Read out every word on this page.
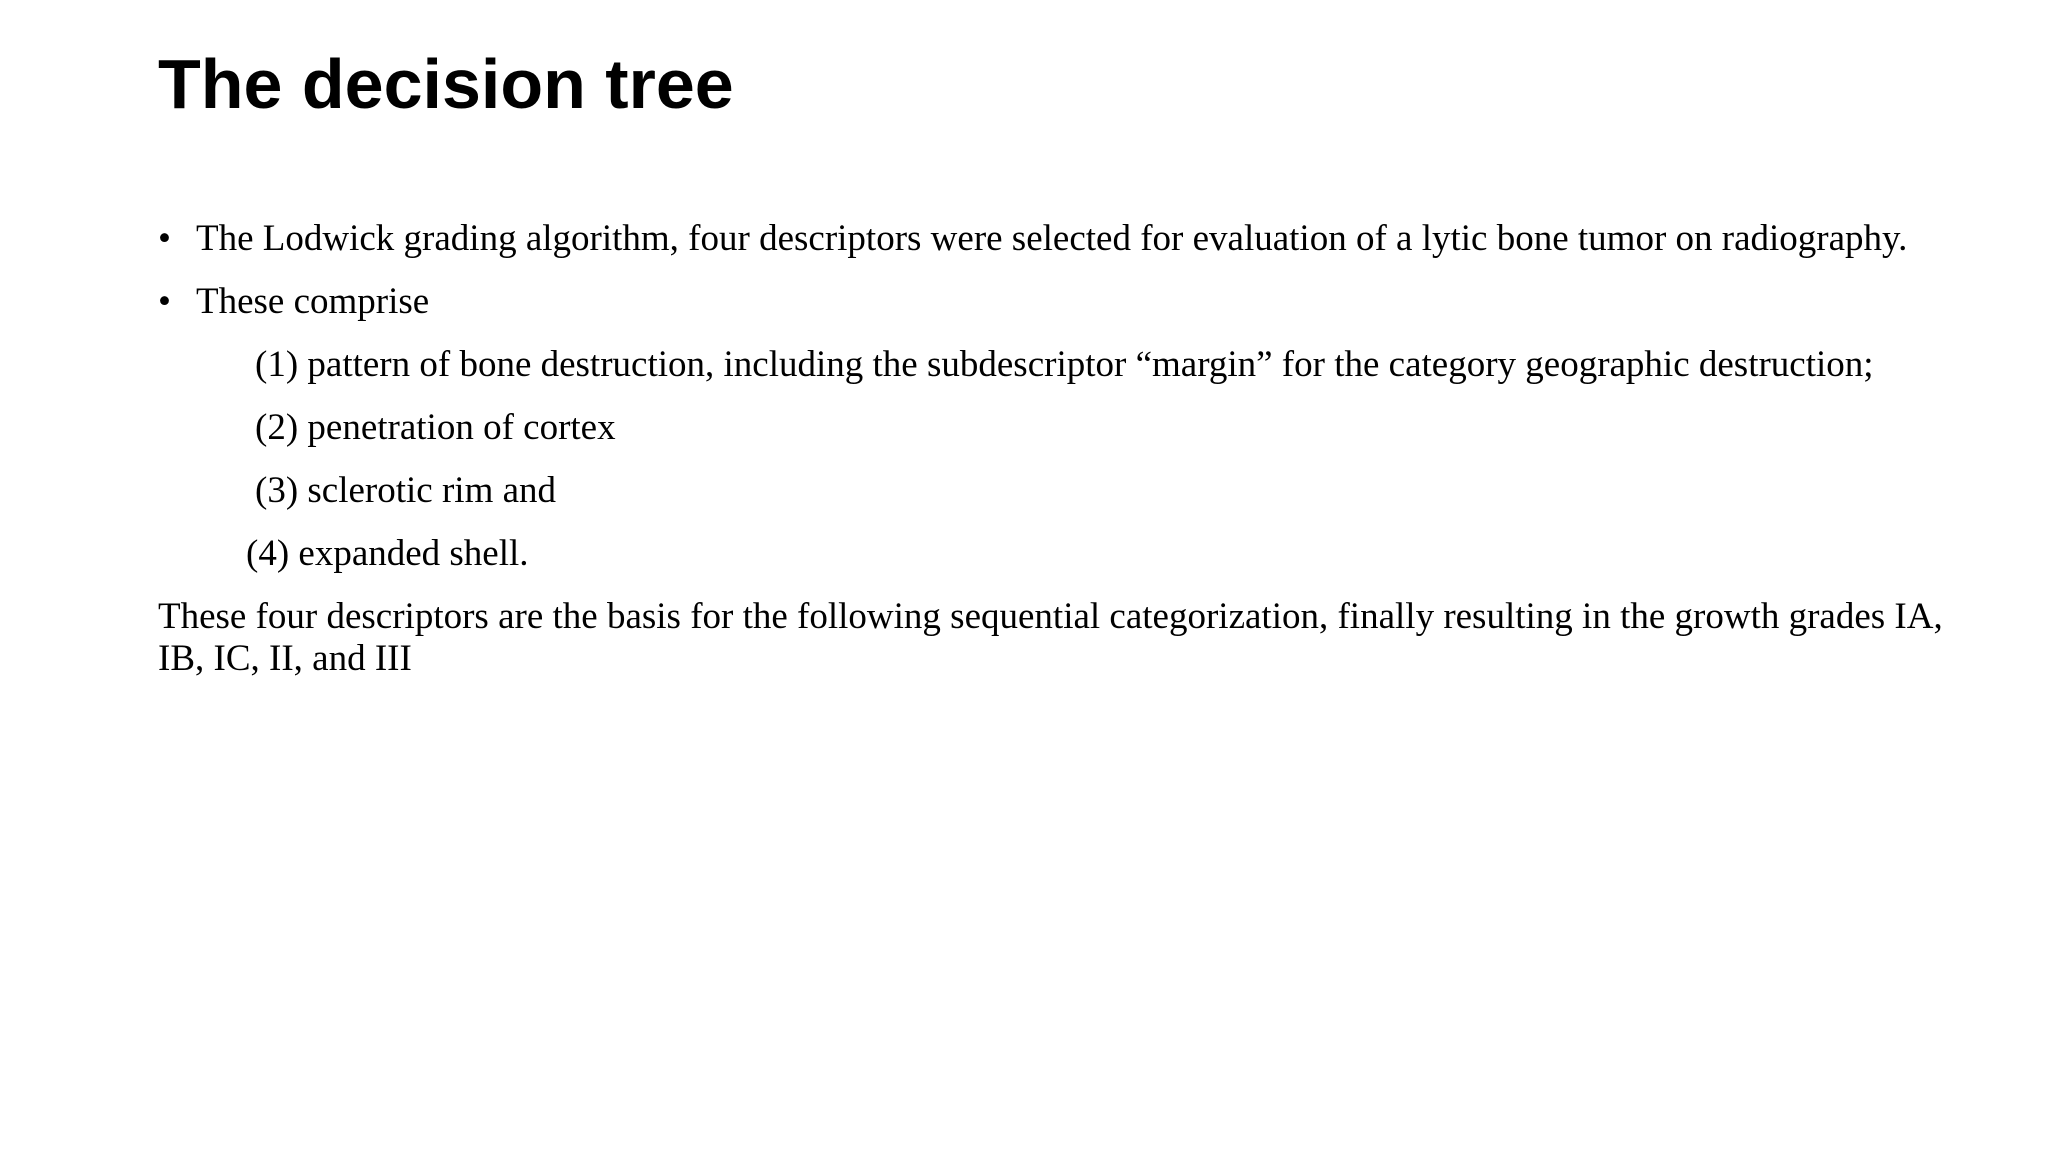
The decision tree
• The Lodwick grading algorithm, four descriptors were selected for evaluation of a lytic bone tumor on radiography.
• These comprise

(1) pattern of bone destruction, including the subdescriptor “margin” for the category geographic destruction;

(2) penetration of cortex

(3) sclerotic rim and

(4) expanded shell.

These four descriptors are the basis for the following sequential categorization, finally resulting in the growth grades IA, IB, IC, II, and III
